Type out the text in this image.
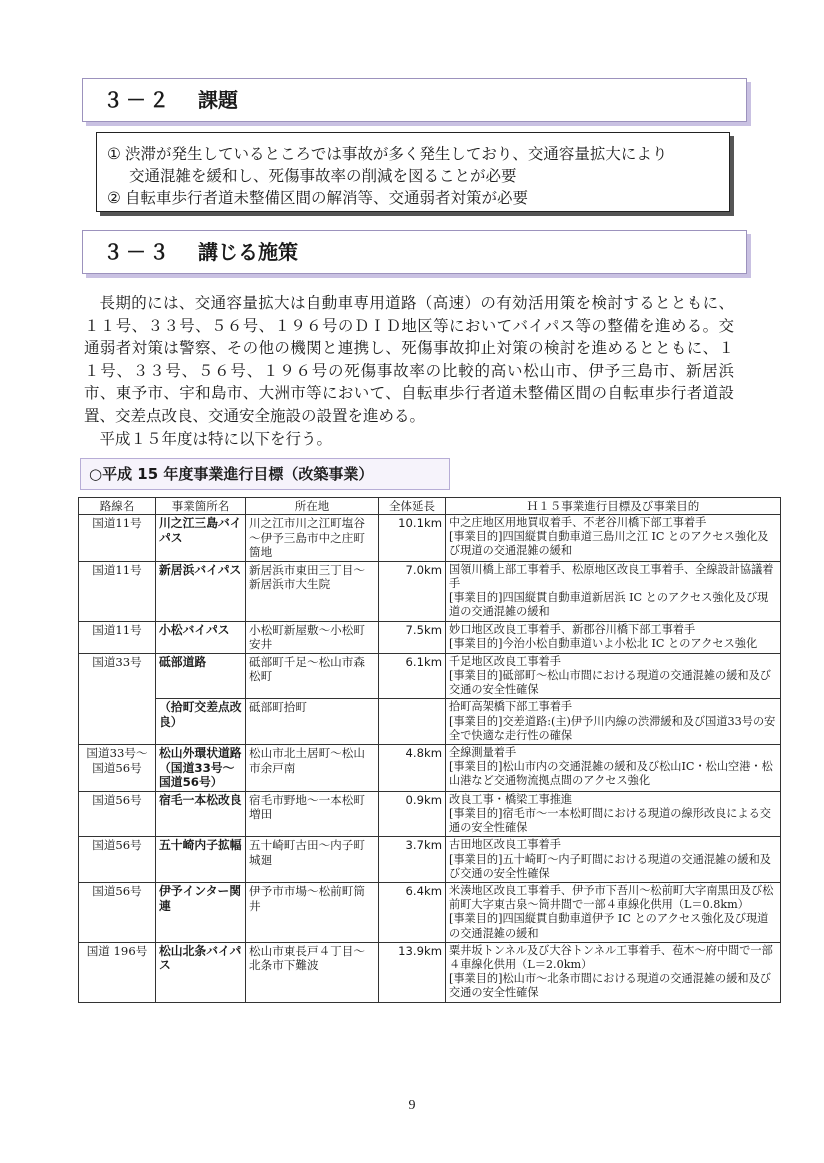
３－２ 課題
① 渋滞が発生しているところでは事故が多く発生しており、交通容量拡大により
交通混雑を緩和し、死傷事故率の削減を図ることが必要
② 自転車歩行者道未整備区間の解消等、交通弱者対策が必要
３－３ 講じる施策

長期的には、交通容量拡大は自動車専用道路（高速）の有効活用策を検討するとともに、１１号、３３号、５６号、１９６号のＤＩＤ地区等においてバイパス等の整備を進める。交通弱者対策は警察、その他の機関と連携し、死傷事故抑止対策の検討を進めるとともに、１１号、３３号、５６号、１９６号の死傷事故率の比較的高い松山市、伊予三島市、新居浜市、東予市、宇和島市、大洲市等において、自転車歩行者道未整備区間の自転車歩行者道設置、交差点改良、交通安全施設の設置を進める。

平成１５年度は特に以下を行う。

○平成 15 年度事業進行目標（改築事業）
路線名	事業箇所名	所在地	全体延長	Ｈ１５事業進行目標及び事業目的
国道11号	川之江三島バイパス	川之江市川之江町塩谷～伊予三島市中之庄町箇地	10.1km	中之庄地区用地買収着手、不老谷川橋下部工事着手
[事業目的]四国縦貫自動車道三島川之江 IC とのアクセス強化及び現道の交通混雑の緩和

国道11号	新居浜バイパス	新居浜市東田三丁目～新居浜市大生院	7.0km	国領川橋上部工事着手、松原地区改良工事着手、全線設計協議着手
[事業目的]四国縦貫自動車道新居浜 IC とのアクセス強化及び現道の交通混雑の緩和

国道11号	小松バイパス	小松町新屋敷～小松町安井	7.5km	妙口地区改良工事着手、新郡谷川橋下部工事着手
[事業目的]今治小松自動車道いよ小松北 IC とのアクセス強化

国道33号	砥部道路	砥部町千足～松山市森松町	6.1km	千足地区改良工事着手
[事業目的]砥部町～松山市間における現道の交通混雑の緩和及び交通の安全性確保

	（拾町交差点改良）	砥部町拾町		拾町高架橋下部工事着手
[事業目的]交差道路:(主)伊予川内線の渋滞緩和及び国道33号の安全で快適な走行性の確保

国道33号～国道56号	松山外環状道路（国道33号～国道56号）	松山市北土居町～松山市余戸南	4.8km	全線測量着手
[事業目的]松山市内の交通混雑の緩和及び松山IC・松山空港・松山港など交通物流拠点間のアクセス強化

国道56号	宿毛一本松改良	宿毛市野地～一本松町増田	0.9km	改良工事・橋梁工事推進
[事業目的]宿毛市～一本松町間における現道の線形改良による交通の安全性確保

国道56号	五十崎内子拡幅	五十崎町古田～内子町城廻	3.7km	古田地区改良工事着手
[事業目的]五十崎町～内子町間における現道の交通混雑の緩和及び交通の安全性確保

国道56号	伊予インター関連	伊予市市場～松前町筒井	6.4km	米湊地区改良工事着手、伊予市下吾川～松前町大字南黒田及び松前町大字東古泉～筒井間で一部４車線化供用（L＝0.8km）
[事業目的]四国縦貫自動車道伊予 IC とのアクセス強化及び現道の交通混雑の緩和

国道 196号	松山北条バイパス	松山市東長戸４丁目～北条市下難波	13.9km	粟井坂トンネル及び大谷トンネル工事着手、苞木～府中間で一部４車線化供用（L＝2.0km）
[事業目的]松山市～北条市間における現道の交通混雑の緩和及び交通の安全性確保
9
